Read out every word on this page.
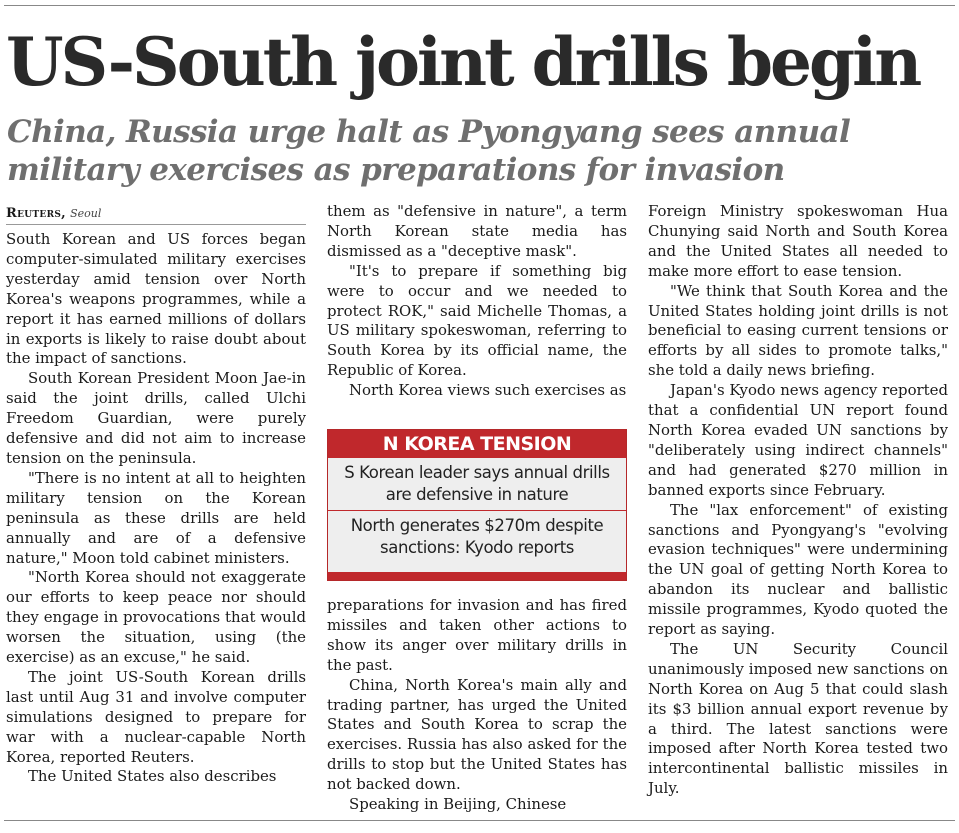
US-South joint drills begin
China, Russia urge halt as Pyongyang sees annual military exercises as preparations for invasion

Reuters, Seoul

South Korean and US forces began computer-simulated military exercises yesterday amid tension over North Korea's weapons programmes, while a report it has earned millions of dollars in exports is likely to raise doubt about the impact of sanctions.

South Korean President Moon Jae-in said the joint drills, called Ulchi Freedom Guardian, were purely defensive and did not aim to increase tension on the peninsula.

"There is no intent at all to heighten military tension on the Korean peninsula as these drills are held annually and are of a defensive nature," Moon told cabinet ministers.

"North Korea should not exaggerate our efforts to keep peace nor should they engage in provocations that would worsen the situation, using (the exercise) as an excuse," he said.

The joint US-South Korean drills last until Aug 31 and involve computer simulations designed to prepare for war with a nuclear-capable North Korea, reported Reuters.

The United States also describes

them as "defensive in nature", a term North Korean state media has dismissed as a "deceptive mask".

"It's to prepare if something big were to occur and we needed to protect ROK," said Michelle Thomas, a US military spokeswoman, referring to South Korea by its official name, the Republic of Korea.

North Korea views such exercises as

N KOREA TENSION
S Korean leader says annual drills are defensive in nature
North generates $270m despite sanctions: Kyodo reports

preparations for invasion and has fired missiles and taken other actions to show its anger over military drills in the past.

China, North Korea's main ally and trading partner, has urged the United States and South Korea to scrap the exercises. Russia has also asked for the drills to stop but the United States has not backed down.

Speaking in Beijing, Chinese

Foreign Ministry spokeswoman Hua Chunying said North and South Korea and the United States all needed to make more effort to ease tension.

"We think that South Korea and the United States holding joint drills is not beneficial to easing current tensions or efforts by all sides to promote talks," she told a daily news briefing.

Japan's Kyodo news agency reported that a confidential UN report found North Korea evaded UN sanctions by "deliberately using indirect channels" and had generated $270 million in banned exports since February.

The "lax enforcement" of existing sanctions and Pyongyang's "evolving evasion techniques" were undermining the UN goal of getting North Korea to abandon its nuclear and ballistic missile programmes, Kyodo quoted the report as saying.

The UN Security Council unanimously imposed new sanctions on North Korea on Aug 5 that could slash its $3 billion annual export revenue by a third. The latest sanctions were imposed after North Korea tested two intercontinental ballistic missiles in July.
